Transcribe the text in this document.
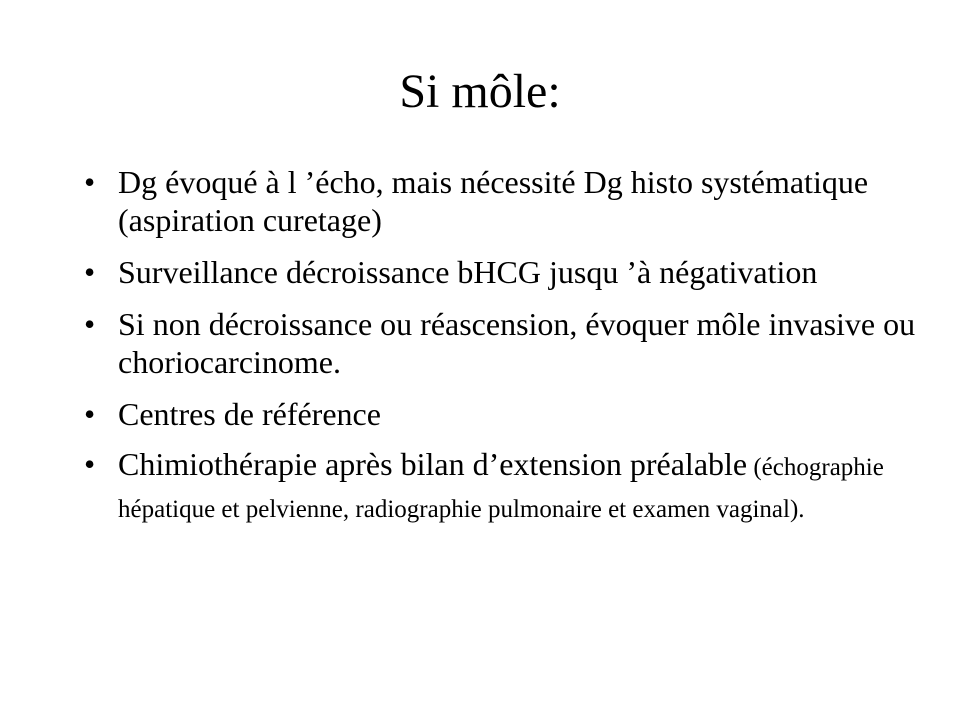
Si môle:
• Dg évoqué à l ’écho, mais nécessité Dg histo systématique (aspiration curetage)
• Surveillance décroissance bHCG jusqu ’à négativation
• Si non décroissance ou réascension, évoquer môle invasive ou choriocarcinome.
• Centres de référence
• Chimiothérapie après bilan d’extension préalable (échographie hépatique et pelvienne, radiographie pulmonaire et examen vaginal).
